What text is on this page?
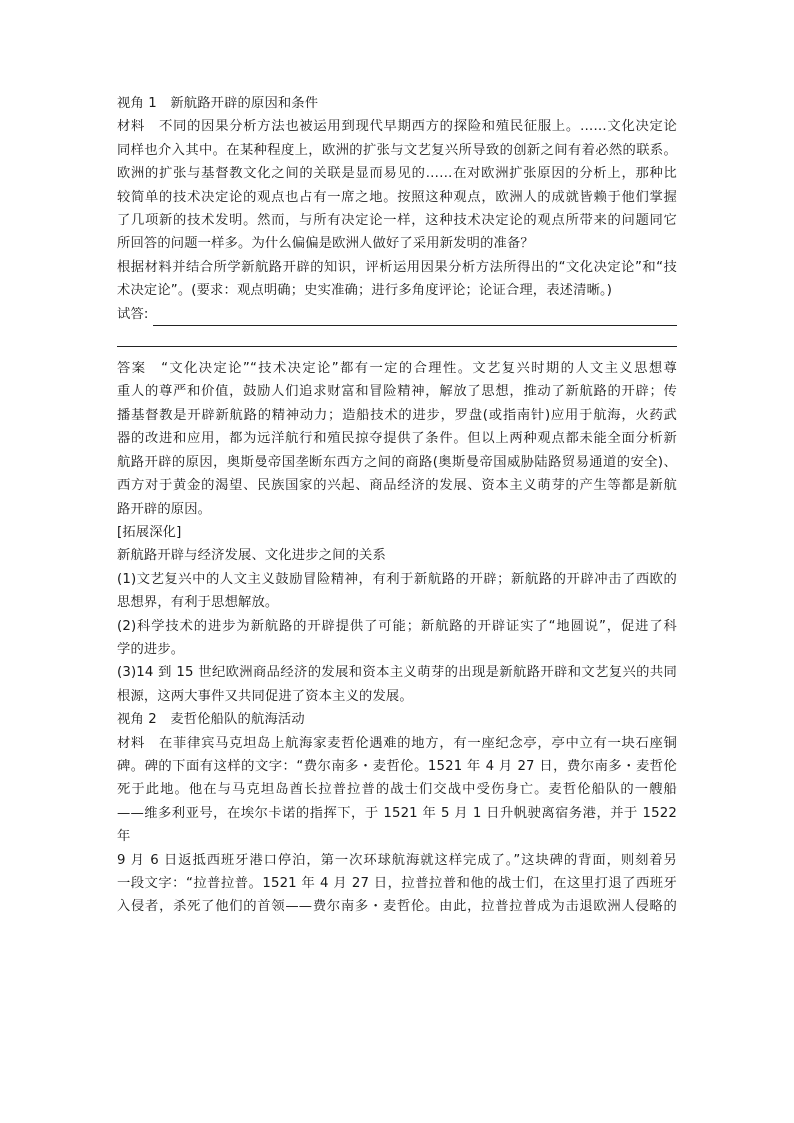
视角 1　新航路开辟的原因和条件
材料　不同的因果分析方法也被运用到现代早期西方的探险和殖民征服上。……文化决定论
同样也介入其中。在某种程度上，欧洲的扩张与文艺复兴所导致的创新之间有着必然的联系。
欧洲的扩张与基督教文化之间的关联是显而易见的……在对欧洲扩张原因的分析上，那种比
较简单的技术决定论的观点也占有一席之地。按照这种观点，欧洲人的成就皆赖于他们掌握
了几项新的技术发明。然而，与所有决定论一样，这种技术决定论的观点所带来的问题同它
所回答的问题一样多。为什么偏偏是欧洲人做好了采用新发明的准备？
根据材料并结合所学新航路开辟的知识，评析运用因果分析方法所得出的“文化决定论”和“技
术决定论”。(要求：观点明确；史实准确；进行多角度评论；论证合理，表述清晰。)
试答:
答案　“文化决定论”“技术决定论”都有一定的合理性。文艺复兴时期的人文主义思想尊
重人的尊严和价值，鼓励人们追求财富和冒险精神，解放了思想，推动了新航路的开辟；传
播基督教是开辟新航路的精神动力；造船技术的进步，罗盘(或指南针)应用于航海，火药武
器的改进和应用，都为远洋航行和殖民掠夺提供了条件。但以上两种观点都未能全面分析新
航路开辟的原因，奥斯曼帝国垄断东西方之间的商路(奥斯曼帝国威胁陆路贸易通道的安全)、
西方对于黄金的渴望、民族国家的兴起、商品经济的发展、资本主义萌芽的产生等都是新航
路开辟的原因。
[拓展深化]
新航路开辟与经济发展、文化进步之间的关系
(1)文艺复兴中的人文主义鼓励冒险精神，有利于新航路的开辟；新航路的开辟冲击了西欧的
思想界，有利于思想解放。
(2)科学技术的进步为新航路的开辟提供了可能；新航路的开辟证实了“地圆说”，促进了科
学的进步。
(3)14 到 15 世纪欧洲商品经济的发展和资本主义萌芽的出现是新航路开辟和文艺复兴的共同
根源，这两大事件又共同促进了资本主义的发展。
视角 2　麦哲伦船队的航海活动
材料　在菲律宾马克坦岛上航海家麦哲伦遇难的地方，有一座纪念亭，亭中立有一块石座铜
碑。碑的下面有这样的文字：“费尔南多・麦哲伦。1521 年 4 月 27 日，费尔南多・麦哲伦
死于此地。他在与马克坦岛酋长拉普拉普的战士们交战中受伤身亡。麦哲伦船队的一艘船
——维多利亚号，在埃尔卡诺的指挥下，于 1521 年 5 月 1 日升帆驶离宿务港，并于 1522 年
9 月 6 日返抵西班牙港口停泊，第一次环球航海就这样完成了。”这块碑的背面，则刻着另
一段文字：“拉普拉普。1521 年 4 月 27 日，拉普拉普和他的战士们，在这里打退了西班牙
入侵者，杀死了他们的首领——费尔南多・麦哲伦。由此，拉普拉普成为击退欧洲人侵略的
